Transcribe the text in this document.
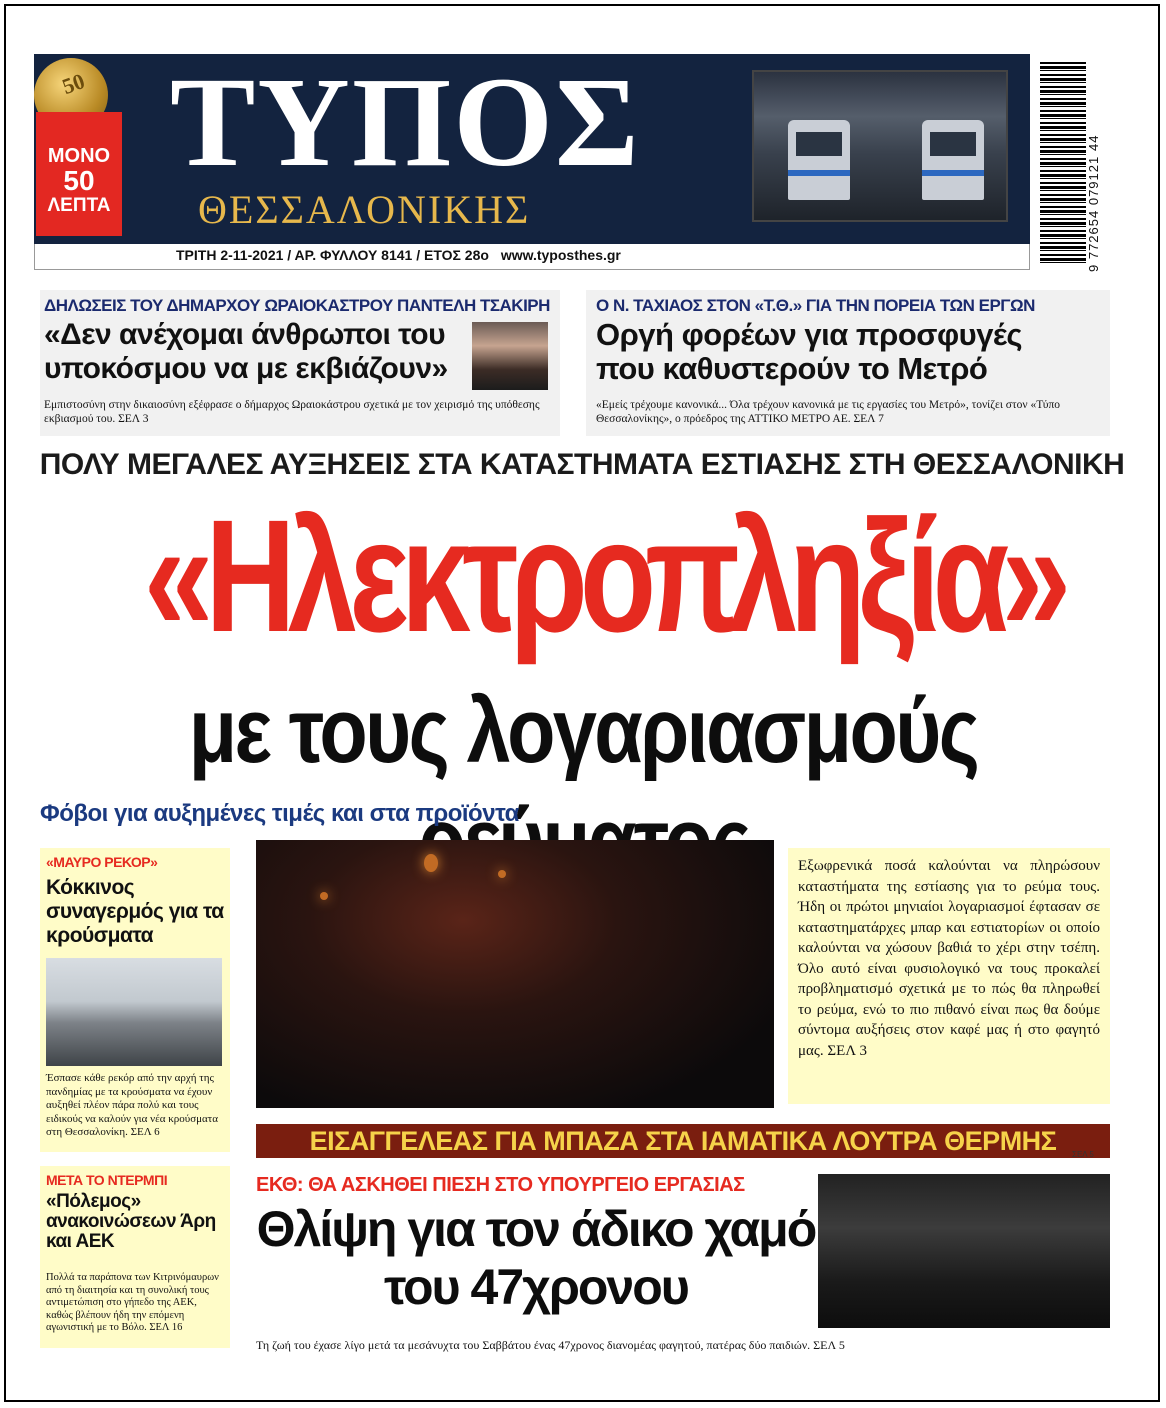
50
ΜΟΝΟ
50
ΛΕΠΤΑ
ΤΥΠΟΣ
ΘΕΣΣΑΛΟΝΙΚΗΣ
ΤΡΙΤΗ 2-11-2021 / ΑΡ. ΦΥΛΛΟΥ 8141 / ΕΤΟΣ 28ο www.typosthes.gr	9 772654 079121 44
ΔΗΛΩΣΕΙΣ ΤΟΥ ΔΗΜΑΡΧΟΥ ΩΡΑΙΟΚΑΣΤΡΟΥ ΠΑΝΤΕΛΗ ΤΣΑΚΙΡΗ
«Δεν ανέχομαι άνθρωποι του υποκόσμου να με εκβιάζουν»
Εμπιστοσύνη στην δικαιοσύνη εξέφρασε ο δήμαρχος Ωραιοκάστρου σχετικά με τον χειρισμό της υπόθεσης εκβιασμού του. ΣΕΛ 3
Ο Ν. ΤΑΧΙΑΟΣ ΣΤΟΝ «Τ.Θ.» ΓΙΑ ΤΗΝ ΠΟΡΕΙΑ ΤΩΝ ΕΡΓΩΝ
Οργή φορέων για προσφυγές που καθυστερούν το Μετρό
«Εμείς τρέχουμε κανονικά... Όλα τρέχουν κανονικά με τις εργασίες του Μετρό», τονίζει στον «Τύπο Θεσσαλονίκης», ο πρόεδρος της ΑΤΤΙΚΟ ΜΕΤΡΟ ΑΕ. ΣΕΛ 7
ΠΟΛΥ ΜΕΓΑΛΕΣ ΑΥΞΗΣΕΙΣ ΣΤΑ ΚΑΤΑΣΤΗΜΑΤΑ ΕΣΤΙΑΣΗΣ ΣΤΗ ΘΕΣΣΑΛΟΝΙΚΗ
«Ηλεκτροπληξία»
με τους λογαριασμούς
Φόβοι για αυξημένες τιμές και στα προϊόντα
«ΜΑΥΡΟ ΡΕΚΟΡ»
Κόκκινος συναγερμός για τα κρούσματα
Έσπασε κάθε ρεκόρ από την αρχή της πανδημίας με τα κρούσματα να έχουν αυξηθεί πλέον πάρα πολύ και τους ειδικούς να καλούν για νέα κρούσματα στη Θεσσαλονίκη. ΣΕΛ 6
ΜΕΤΑ ΤΟ ΝΤΕΡΜΠΙ
«Πόλεμος» ανακοινώσεων Άρη και ΑΕΚ
Πολλά τα παράπονα των Κιτρινόμαυρων από τη διαιτησία και τη συνολική τους αντιμετώπιση στο γήπεδο της ΑΕΚ, καθώς βλέπουν ήδη την επόμενη αγωνιστική με το Βόλο. ΣΕΛ 16
Εξωφρενικά ποσά καλούνται να πληρώσουν καταστήματα της εστίασης για το ρεύμα τους. Ήδη οι πρώτοι μηνιαίοι λογαριασμοί έφτασαν σε καταστηματάρχες μπαρ και εστιατορίων οι οποίο καλούνται να χώσουν βαθιά το χέρι στην τσέπη. Όλο αυτό είναι φυσιολογικό να τους προκαλεί προβληματισμό σχετικά με το πώς θα πληρωθεί το ρεύμα, ενώ το πιο πιθανό είναι πως θα δούμε σύντομα αυξήσεις στον καφέ μας ή στο φαγητό μας. ΣΕΛ 3
ΕΙΣΑΓΓΕΛΕΑΣ ΓΙΑ ΜΠΑΖΑ ΣΤΑ ΙΑΜΑΤΙΚΑ ΛΟΥΤΡΑ ΘΕΡΜΗΣ	ΣΕΛ 5
ΕΚΘ: ΘΑ ΑΣΚΗΘΕΙ ΠΙΕΣΗ ΣΤΟ ΥΠΟΥΡΓΕΙΟ ΕΡΓΑΣΙΑΣ
Θλίψη για τον άδικο χαμό του 47χρονου
Τη ζωή του έχασε λίγο μετά τα μεσάνυχτα του Σαββάτου ένας 47χρονος διανομέας φαγητού, πατέρας δύο παιδιών. ΣΕΛ 5
